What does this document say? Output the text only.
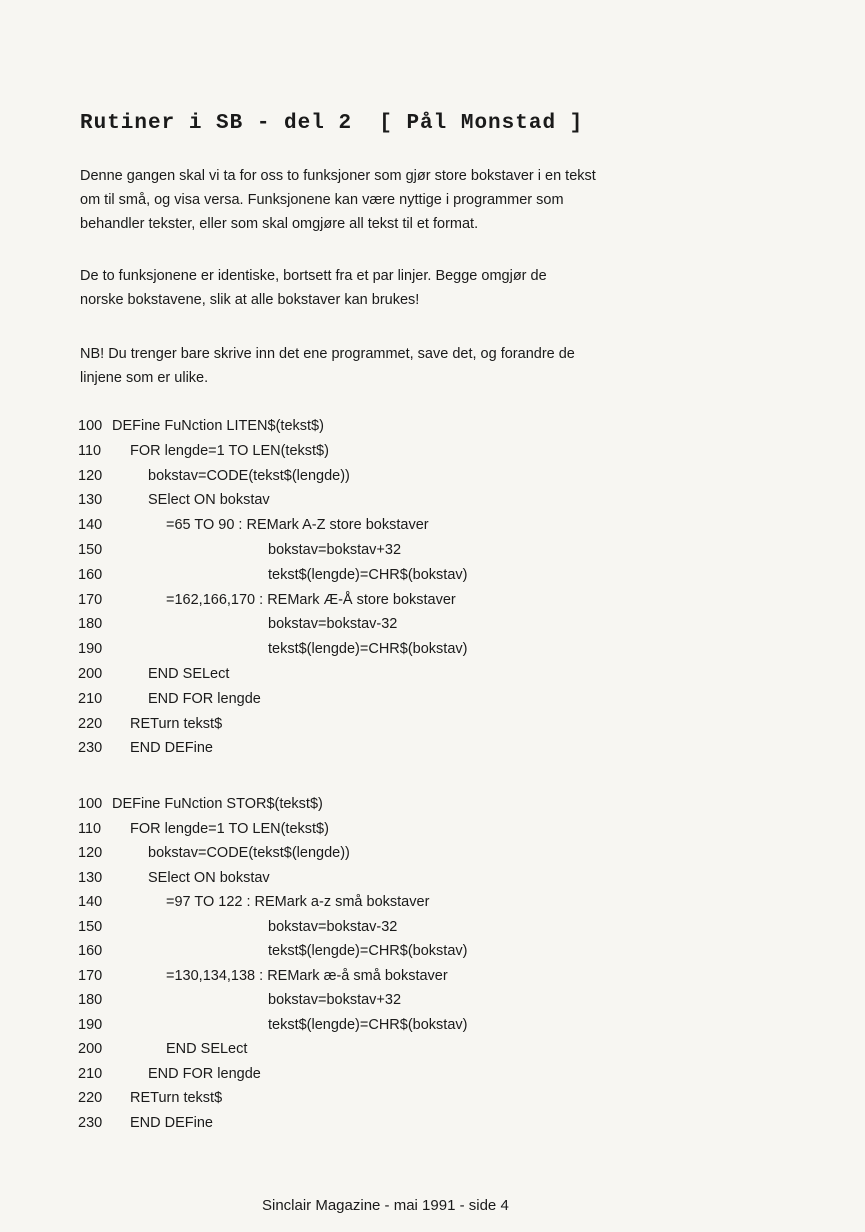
Rutiner i SB - del 2  [ Pål Monstad ]
Denne gangen skal vi ta for oss to funksjoner som gjør store bokstaver i en tekst
om til små, og visa versa. Funksjonene kan være nyttige i programmer som
behandler tekster, eller som skal omgjøre all tekst til et format.
De to funksjonene er identiske, bortsett fra et par linjer. Begge omgjør de
norske bokstavene, slik at alle bokstaver kan brukes!
NB! Du trenger bare skrive inn det ene programmet, save det, og forandre de
linjene som er ulike.
100 DEFine FuNction LITEN$(tekst$)
110 FOR lengde=1 TO LEN(tekst$)
120	bokstav=CODE(tekst$(lengde))
130	SElect ON bokstav
140	=65 TO 90 : REMark A-Z store bokstaver
150	bokstav=bokstav+32
160	tekst$(lengde)=CHR$(bokstav)
170	=162,166,170 : REMark Æ-Å store bokstaver
180	bokstav=bokstav-32
190	tekst$(lengde)=CHR$(bokstav)
200	END SELect
210	END FOR lengde
220 RETurn tekst$
230 END DEFine
100 DEFine FuNction STOR$(tekst$)
110 FOR lengde=1 TO LEN(tekst$)
120	bokstav=CODE(tekst$(lengde))
130	SElect ON bokstav
140	=97 TO 122 : REMark a-z små bokstaver
150	bokstav=bokstav-32
160	tekst$(lengde)=CHR$(bokstav)
170	=130,134,138 : REMark æ-å små bokstaver
180	bokstav=bokstav+32
190	tekst$(lengde)=CHR$(bokstav)
200	END SELect
210	END FOR lengde
220 RETurn tekst$
230 END DEFine
Sinclair Magazine - mai 1991 - side 4
